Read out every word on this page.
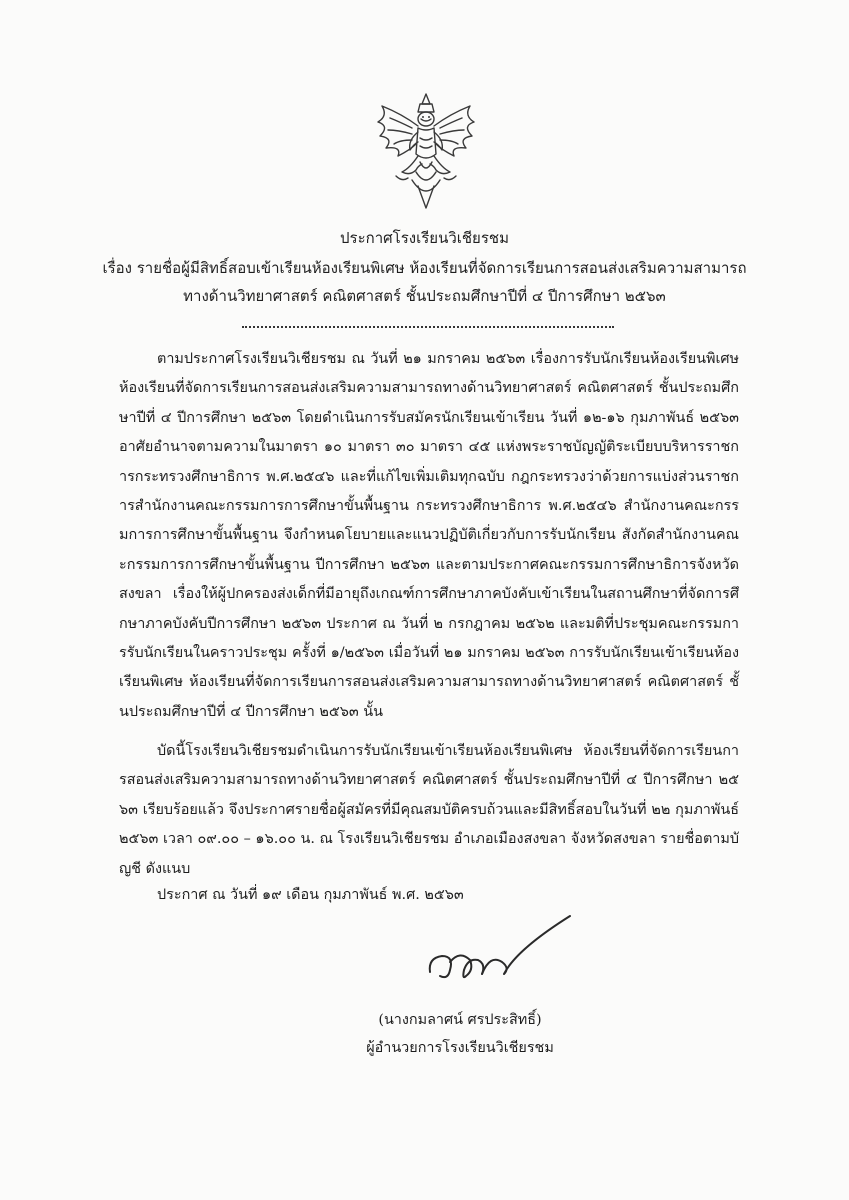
ประกาศโรงเรียนวิเชียรชม
เรื่อง รายชื่อผู้มีสิทธิ์สอบเข้าเรียนห้องเรียนพิเศษ ห้องเรียนที่จัดการเรียนการสอนส่งเสริมความสามารถ
ทางด้านวิทยาศาสตร์ คณิตศาสตร์ ชั้นประถมศึกษาปีที่ ๔ ปีการศึกษา ๒๕๖๓
ตามประกาศโรงเรียนวิเชียรชม ณ วันที่ ๒๑ มกราคม ๒๕๖๓ เรื่องการรับนักเรียนห้องเรียนพิเศษ ห้องเรียนที่จัดการเรียนการสอนส่งเสริมความสามารถทางด้านวิทยาศาสตร์ คณิตศาสตร์ ชั้นประถมศึกษาปีที่ ๔ ปีการศึกษา ๒๕๖๓ โดยดำเนินการรับสมัครนักเรียนเข้าเรียน วันที่ ๑๒-๑๖ กุมภาพันธ์ ๒๕๖๓ อาศัยอำนาจตามความในมาตรา ๑๐ มาตรา ๓๐ มาตรา ๔๕ แห่งพระราชบัญญัติระเบียบบริหารราชการกระทรวงศึกษาธิการ พ.ศ.๒๕๔๖ และที่แก้ไขเพิ่มเติมทุกฉบับ กฎกระทรวงว่าด้วยการแบ่งส่วนราชการสำนักงานคณะกรรมการการศึกษาขั้นพื้นฐาน กระทรวงศึกษาธิการ พ.ศ.๒๕๔๖ สำนักงานคณะกรรมการการศึกษาขั้นพื้นฐาน จึงกำหนดโยบายและแนวปฏิบัติเกี่ยวกับการรับนักเรียน สังกัดสำนักงานคณะกรรมการการศึกษาขั้นพื้นฐาน ปีการศึกษา ๒๕๖๓ และตามประกาศคณะกรรมการศึกษาธิการจังหวัดสงขลา เรื่องให้ผู้ปกครองส่งเด็กที่มีอายุถึงเกณฑ์การศึกษาภาคบังคับเข้าเรียนในสถานศึกษาที่จัดการศึกษาภาคบังคับปีการศึกษา ๒๕๖๓ ประกาศ ณ วันที่ ๒ กรกฎาคม ๒๕๖๒ และมติที่ประชุมคณะกรรมการรับนักเรียนในคราวประชุม ครั้งที่ ๑/๒๕๖๓ เมื่อวันที่ ๒๑ มกราคม ๒๕๖๓ การรับนักเรียนเข้าเรียนห้องเรียนพิเศษ ห้องเรียนที่จัดการเรียนการสอนส่งเสริมความสามารถทางด้านวิทยาศาสตร์ คณิตศาสตร์ ชั้นประถมศึกษาปีที่ ๔ ปีการศึกษา ๒๕๖๓ นั้น
บัดนี้โรงเรียนวิเชียรชมดำเนินการรับนักเรียนเข้าเรียนห้องเรียนพิเศษ ห้องเรียนที่จัดการเรียนการสอนส่งเสริมความสามารถทางด้านวิทยาศาสตร์ คณิตศาสตร์ ชั้นประถมศึกษาปีที่ ๔ ปีการศึกษา ๒๕๖๓ เรียบร้อยแล้ว จึงประกาศรายชื่อผู้สมัครที่มีคุณสมบัติครบถ้วนและมีสิทธิ์สอบในวันที่ ๒๒ กุมภาพันธ์ ๒๕๖๓ เวลา ๐๙.๐๐ – ๑๖.๐๐ น. ณ โรงเรียนวิเชียรชม อำเภอเมืองสงขลา จังหวัดสงขลา รายชื่อตามบัญชี ดังแนบ
ประกาศ ณ วันที่ ๑๙ เดือน กุมภาพันธ์ พ.ศ. ๒๕๖๓
(นางกมลาศน์ ศรประสิทธิ์)
ผู้อำนวยการโรงเรียนวิเชียรชม
